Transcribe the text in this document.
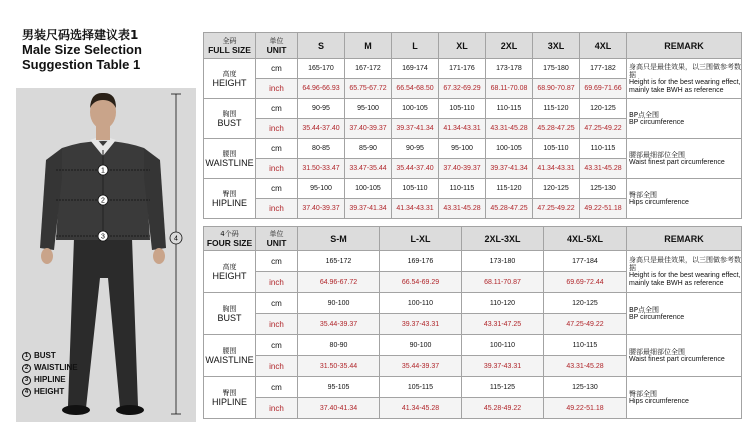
男装尺码选择建议表1
Male Size Selection
Suggestion Table 1
1
2
3	4
1 BUST
2 WAISTLINE
3 HIPLINE
4 HEIGHT
全码
FULL SIZE	单位
UNIT	S	M	L	XL	2XL	3XL	4XL	REMARK

高度
HEIGHT	cm	165-170	167-172	169-174	171-176	173-178	175-180	177-182	身高只是最佳效果，以三围做参考数据
Height is for the best wearing effect, mainly take BWH as reference
	inch	64.96-66.93	65.75-67.72	66.54-68.50	67.32-69.29	68.11-70.08	68.90-70.87	69.69-71.66	

胸围
BUST	cm	90-95	95-100	100-105	105-110	110-115	115-120	120-125	BP点全围
BP circumference
	inch	35.44-37.40	37.40-39.37	39.37-41.34	41.34-43.31	43.31-45.28	45.28-47.25	47.25-49.22	

腰围
WAISTLINE	cm	80-85	85-90	90-95	95-100	100-105	105-110	110-115	腰部最细部位全围
Waist finest part circumference
	inch	31.50-33.47	33.47-35.44	35.44-37.40	37.40-39.37	39.37-41.34	41.34-43.31	43.31-45.28	

臀围
HIPLINE	cm	95-100	100-105	105-110	110-115	115-120	120-125	125-130	臀部全围
Hips circumference
	inch	37.40-39.37	39.37-41.34	41.34-43.31	43.31-45.28	45.28-47.25	47.25-49.22	49.22-51.18	
4个码
FOUR SIZE	单位
UNIT	S-M	L-XL	2XL-3XL	4XL-5XL	REMARK

高度
HEIGHT	cm	165-172	169-176	173-180	177-184	身高只是最佳效果，以三围做参考数据
Height is for the best wearing effect, mainly take BWH as reference
	inch	64.96-67.72	66.54-69.29	68.11-70.87	69.69-72.44	

胸围
BUST	cm	90-100	100-110	110-120	120-125	BP点全围
BP circumference
	inch	35.44-39.37	39.37-43.31	43.31-47.25	47.25-49.22	

腰围
WAISTLINE	cm	80-90	90-100	100-110	110-115	腰部最细部位全围
Waist finest part circumference
	inch	31.50-35.44	35.44-39.37	39.37-43.31	43.31-45.28	

臀围
HIPLINE	cm	95-105	105-115	115-125	125-130	臀部全围
Hips circumference
	inch	37.40-41.34	41.34-45.28	45.28-49.22	49.22-51.18	
